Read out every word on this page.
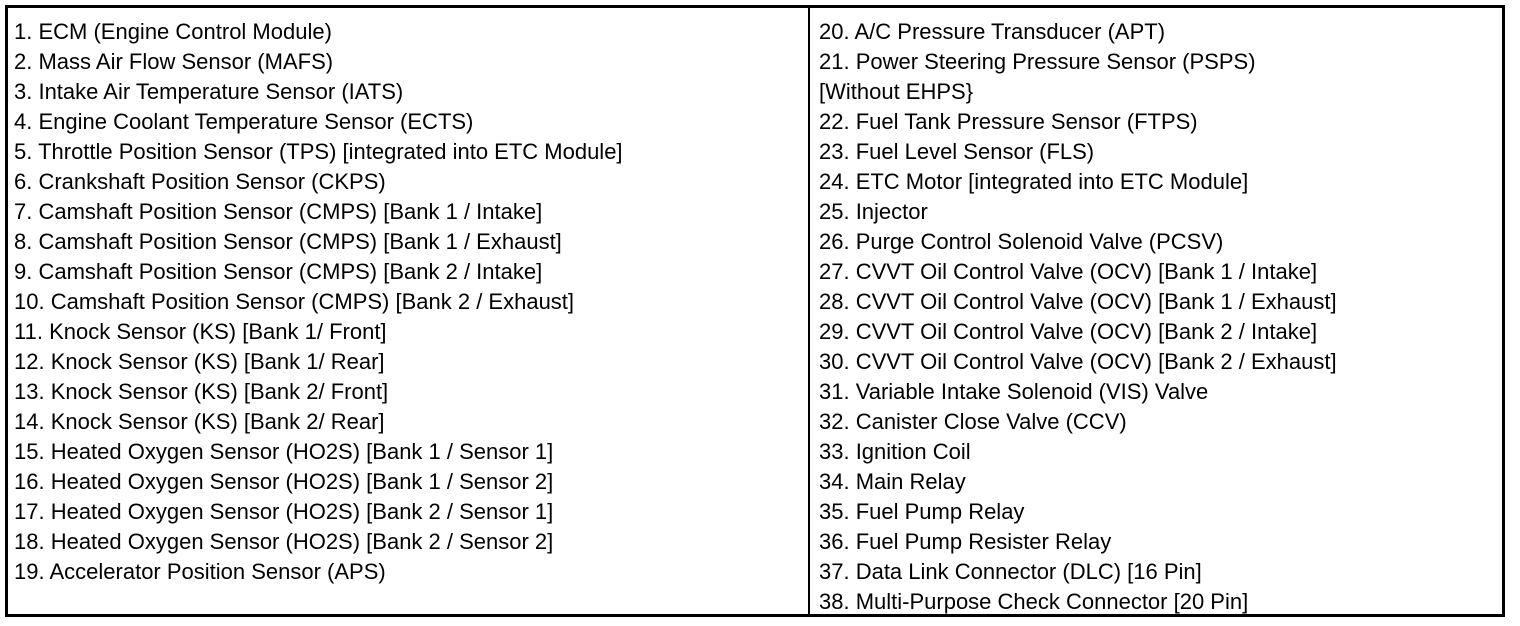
1. ECM (Engine Control Module)
2. Mass Air Flow Sensor (MAFS)
3. Intake Air Temperature Sensor (IATS)
4. Engine Coolant Temperature Sensor (ECTS)
5. Throttle Position Sensor (TPS) [integrated into ETC Module]
6. Crankshaft Position Sensor (CKPS)
7. Camshaft Position Sensor (CMPS) [Bank 1 / Intake]
8. Camshaft Position Sensor (CMPS) [Bank 1 / Exhaust]
9. Camshaft Position Sensor (CMPS) [Bank 2 / Intake]
10. Camshaft Position Sensor (CMPS) [Bank 2 / Exhaust]
11. Knock Sensor (KS) [Bank 1/ Front]
12. Knock Sensor (KS) [Bank 1/ Rear]
13. Knock Sensor (KS) [Bank 2/ Front]
14. Knock Sensor (KS) [Bank 2/ Rear]
15. Heated Oxygen Sensor (HO2S) [Bank 1 / Sensor 1]
16. Heated Oxygen Sensor (HO2S) [Bank 1 / Sensor 2]
17. Heated Oxygen Sensor (HO2S) [Bank 2 / Sensor 1]
18. Heated Oxygen Sensor (HO2S) [Bank 2 / Sensor 2]
19. Accelerator Position Sensor (APS)
20. A/C Pressure Transducer (APT)
21. Power Steering Pressure Sensor (PSPS)
[Without EHPS}
22. Fuel Tank Pressure Sensor (FTPS)
23. Fuel Level Sensor (FLS)
24. ETC Motor [integrated into ETC Module]
25. Injector
26. Purge Control Solenoid Valve (PCSV)
27. CVVT Oil Control Valve (OCV) [Bank 1 / Intake]
28. CVVT Oil Control Valve (OCV) [Bank 1 / Exhaust]
29. CVVT Oil Control Valve (OCV) [Bank 2 / Intake]
30. CVVT Oil Control Valve (OCV) [Bank 2 / Exhaust]
31. Variable Intake Solenoid (VIS) Valve
32. Canister Close Valve (CCV)
33. Ignition Coil
34. Main Relay
35. Fuel Pump Relay
36. Fuel Pump Resister Relay
37. Data Link Connector (DLC) [16 Pin]
38. Multi-Purpose Check Connector [20 Pin]
